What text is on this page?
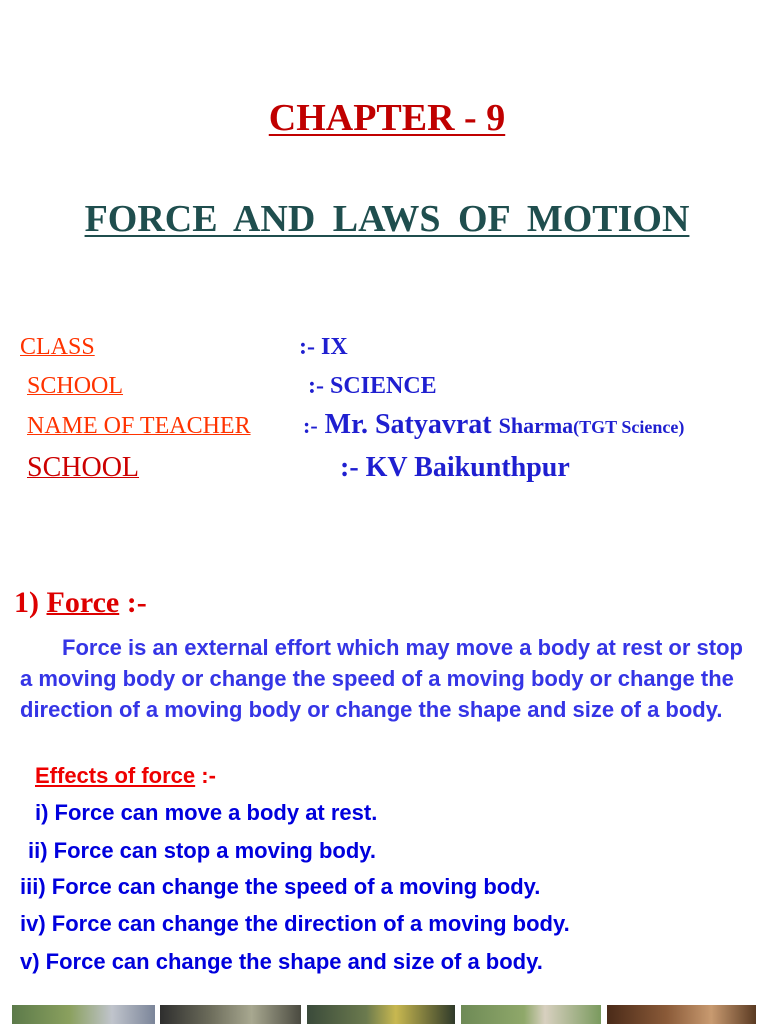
CHAPTER - 9
FORCE AND LAWS OF MOTION
CLASS	:- IX
SCHOOL	:- SCIENCE
NAME OF TEACHER :- Mr. Satyavrat Sharma(TGT Science)
SCHOOL	:- KV Baikunthpur
1) Force :-
Force is an external effort which may move a body at rest or stop a moving body or change the speed of a moving body or change the direction of a moving body or change the shape and size of a body.
Effects of force :-
i) Force can move a body at rest.
ii) Force can stop a moving body.
iii) Force can change the speed of a moving body.
iv) Force can change the direction of a moving body.
v) Force can change the shape and size of a body.
